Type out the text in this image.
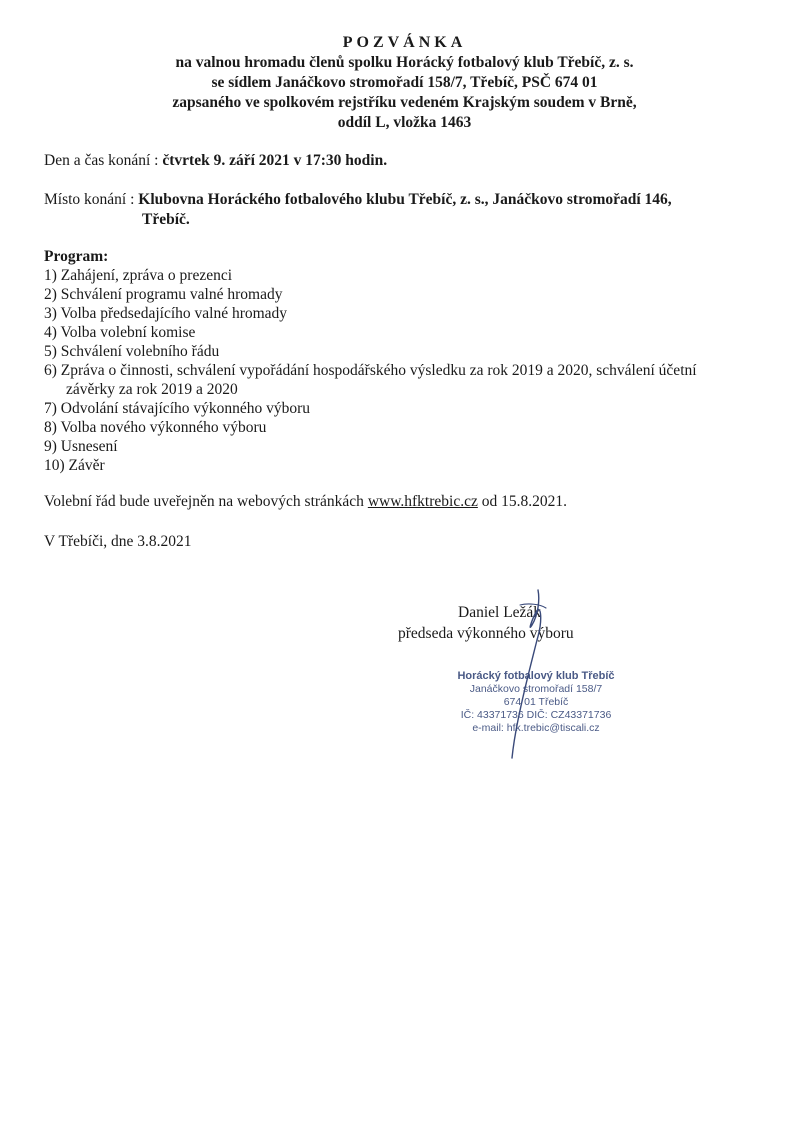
POZVÁNKA
na valnou hromadu členů spolku Horácký fotbalový klub Třebíč, z. s.
se sídlem Janáčkovo stromořadí 158/7, Třebíč, PSČ 674 01
zapsaného ve spolkovém rejstříku vedeném Krajským soudem v Brně,
oddíl L, vložka 1463
Den a čas konání : čtvrtek 9. září 2021 v 17:30 hodin.
Místo konání : Klubovna Horáckého fotbalového klubu Třebíč, z. s., Janáčkovo stromořadí 146,
Třebíč.
Program:
1) Zahájení, zpráva o prezenci
2) Schválení programu valné hromady
3) Volba předsedajícího valné hromady
4) Volba volební komise
5) Schválení volebního řádu
6) Zpráva o činnosti, schválení vypořádání hospodářského výsledku za rok 2019 a 2020, schválení účetní
závěrky za rok 2019 a 2020
7) Odvolání stávajícího výkonného výboru
8) Volba nového výkonného výboru
9) Usnesení
10) Závěr
Volební řád bude uveřejněn na webových stránkách www.hfktrebic.cz od 15.8.2021.
V Třebíči, dne 3.8.2021
Daniel Ležák
předseda výkonného výboru
Horácký fotbalový klub Třebíč
Janáčkovo stromořadí 158/7
674 01 Třebíč
IČ: 43371736 DIČ: CZ43371736
e-mail: hfk.trebic@tiscali.cz
